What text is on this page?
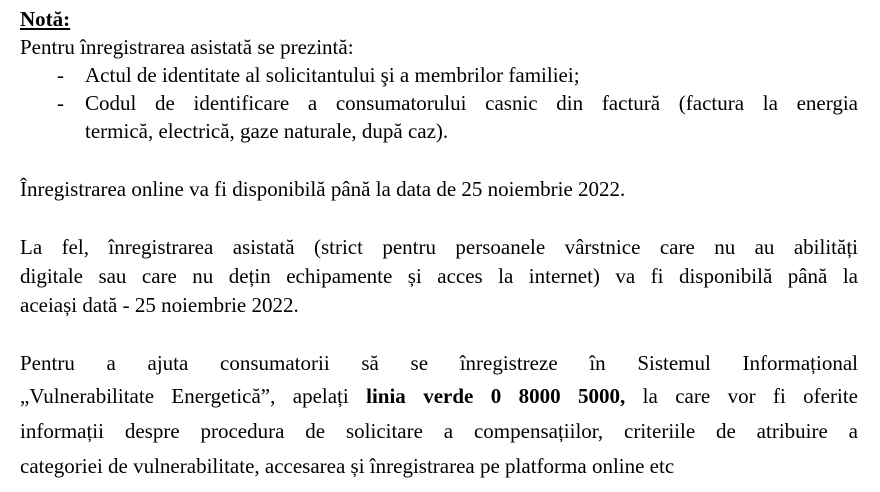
Notă:
Pentru înregistrarea asistată se prezintă:
- Actul de identitate al solicitantului şi a membrilor familiei;
- Codul de identificare a consumatorului casnic din factură (factura la energia
termică, electrică, gaze naturale, după caz).
Înregistrarea online va fi disponibilă până la data de 25 noiembrie 2022.
La fel, înregistrarea asistată (strict pentru persoanele vârstnice care nu au abilități
digitale sau care nu dețin echipamente și acces la internet) va fi disponibilă până la
aceiași dată - 25 noiembrie 2022.
Pentru a ajuta consumatorii să se înregistreze în Sistemul Informațional
„Vulnerabilitate Energetică”, apelați linia verde 0 8000 5000, la care vor fi oferite
informații despre procedura de solicitare a compensațiilor, criteriile de atribuire a
categoriei de vulnerabilitate, accesarea și înregistrarea pe platforma online etc
